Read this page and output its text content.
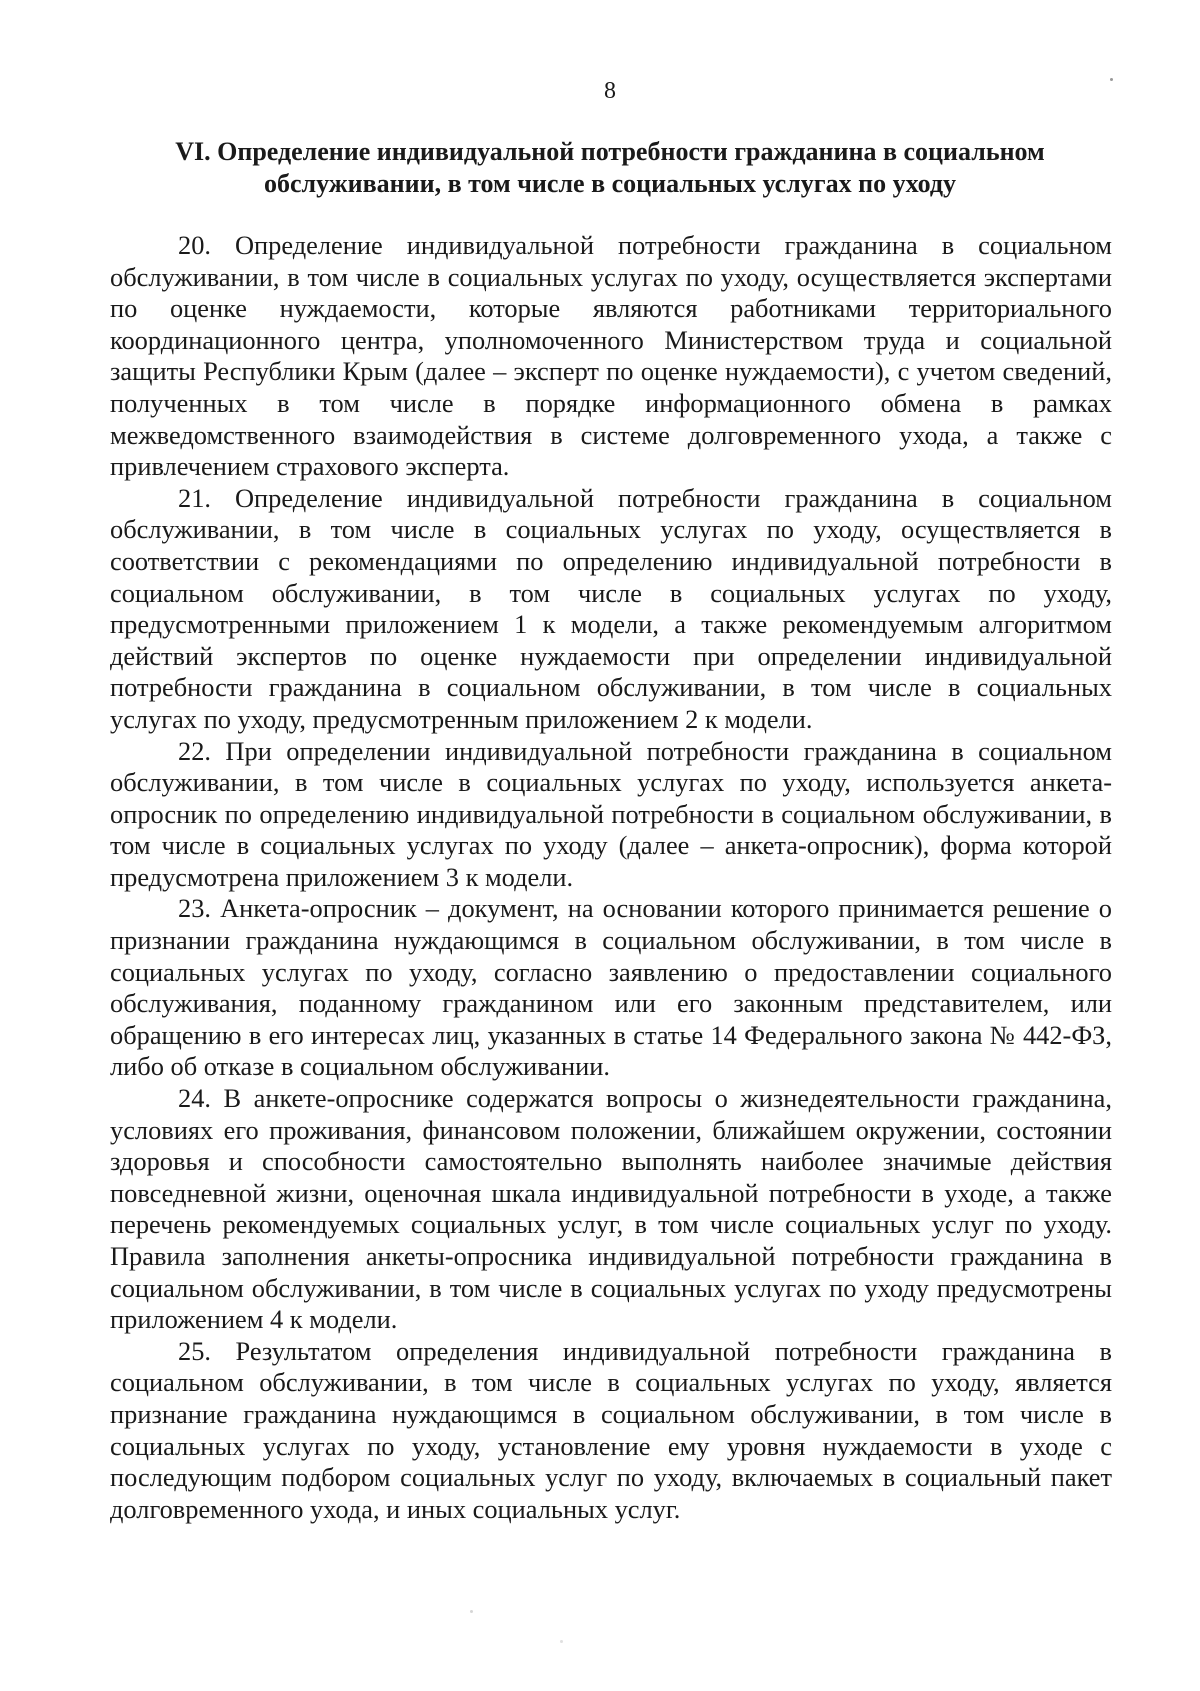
8
VI. Определение индивидуальной потребности гражданина в социальном
обслуживании, в том числе в социальных услугах по уходу

20. Определение индивидуальной потребности гражданина в социальном обслуживании, в том числе в социальных услугах по уходу, осуществляется экспертами по оценке нуждаемости, которые являются работниками территориального координационного центра, уполномоченного Министерством труда и социальной защиты Республики Крым (далее – эксперт по оценке нуждаемости), с учетом сведений, полученных в том числе в порядке информационного обмена в рамках межведомственного взаимодействия в системе долговременного ухода, а также с привлечением страхового эксперта.

21. Определение индивидуальной потребности гражданина в социальном обслуживании, в том числе в социальных услугах по уходу, осуществляется в соответствии с рекомендациями по определению индивидуальной потребности в социальном обслуживании, в том числе в социальных услугах по уходу, предусмотренными приложением 1 к модели, а также рекомендуемым алгоритмом действий экспертов по оценке нуждаемости при определении индивидуальной потребности гражданина в социальном обслуживании, в том числе в социальных услугах по уходу, предусмотренным приложением 2 к модели.

22. При определении индивидуальной потребности гражданина в социальном обслуживании, в том числе в социальных услугах по уходу, используется анкета-опросник по определению индивидуальной потребности в социальном обслуживании, в том числе в социальных услугах по уходу (далее – анкета-опросник), форма которой предусмотрена приложением 3 к модели.

23. Анкета-опросник – документ, на основании которого принимается решение о признании гражданина нуждающимся в социальном обслуживании, в том числе в социальных услугах по уходу, согласно заявлению о предоставлении социального обслуживания, поданному гражданином или его законным представителем, или обращению в его интересах лиц, указанных в статье 14 Федерального закона № 442-ФЗ, либо об отказе в социальном обслуживании.

24. В анкете-опроснике содержатся вопросы о жизнедеятельности гражданина, условиях его проживания, финансовом положении, ближайшем окружении, состоянии здоровья и способности самостоятельно выполнять наиболее значимые действия повседневной жизни, оценочная шкала индивидуальной потребности в уходе, а также перечень рекомендуемых социальных услуг, в том числе социальных услуг по уходу. Правила заполнения анкеты-опросника индивидуальной потребности гражданина в социальном обслуживании, в том числе в социальных услугах по уходу предусмотрены приложением 4 к модели.

25. Результатом определения индивидуальной потребности гражданина в социальном обслуживании, в том числе в социальных услугах по уходу, является признание гражданина нуждающимся в социальном обслуживании, в том числе в социальных услугах по уходу, установление ему уровня нуждаемости в уходе с последующим подбором социальных услуг по уходу, включаемых в социальный пакет долговременного ухода, и иных социальных услуг.
